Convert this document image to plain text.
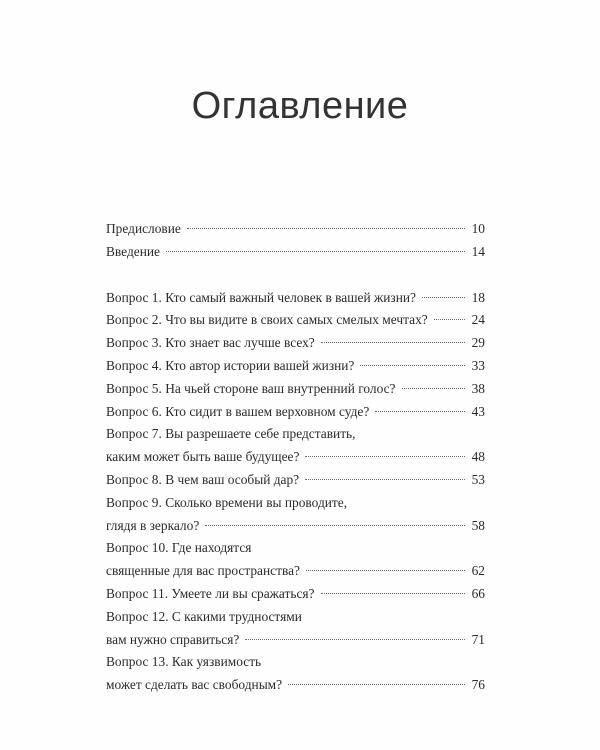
Оглавление
Предисловие	10
Введение	14
Вопрос 1. Кто самый важный человек в вашей жизни?	18
Вопрос 2. Что вы видите в своих самых смелых мечтах?	24
Вопрос 3. Кто знает вас лучше всех?	29
Вопрос 4. Кто автор истории вашей жизни?	33
Вопрос 5. На чьей стороне ваш внутренний голос?	38
Вопрос 6. Кто сидит в вашем верховном суде?	43
Вопрос 7. Вы разрешаете себе представить,
каким может быть ваше будущее?	48
Вопрос 8. В чем ваш особый дар?	53
Вопрос 9. Сколько времени вы проводите,
глядя в зеркало?	58
Вопрос 10. Где находятся
священные для вас пространства?	62
Вопрос 11. Умеете ли вы сражаться?	66
Вопрос 12. С какими трудностями
вам нужно справиться?	71
Вопрос 13. Как уязвимость
может сделать вас свободным?	76
